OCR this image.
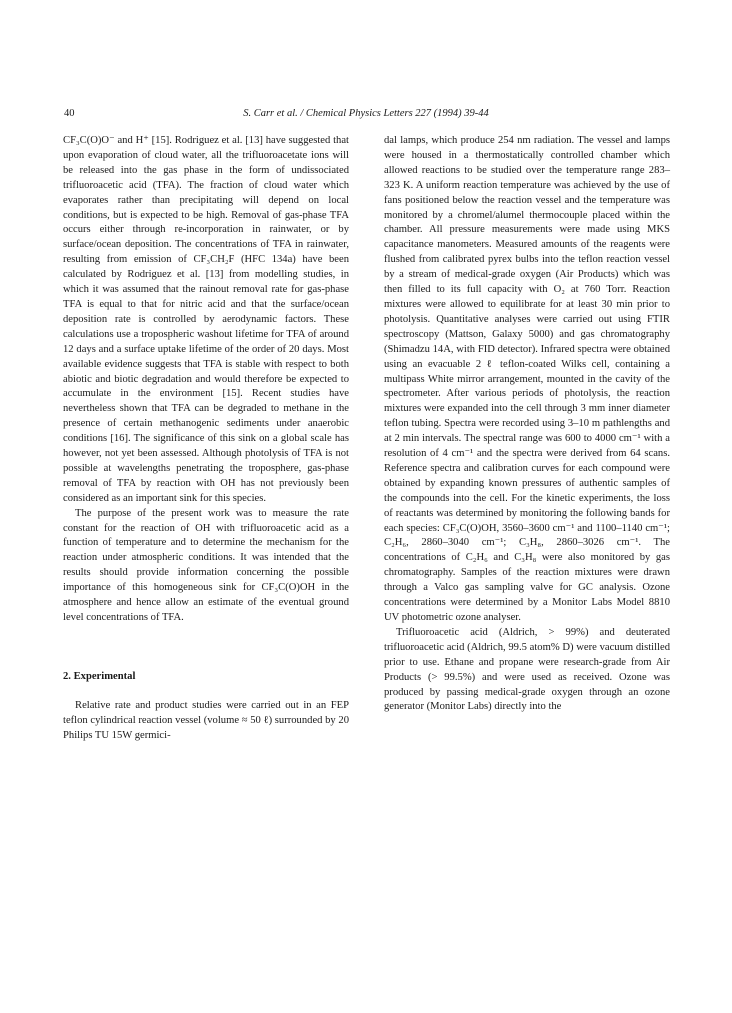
40	S. Carr et al. / Chemical Physics Letters 227 (1994) 39-44

CF₃C(O)O⁻ and H⁺ [15]. Rodriguez et al. [13] have suggested that upon evaporation of cloud water, all the trifluoroacetate ions will be released into the gas phase in the form of undissociated trifluoroacetic acid (TFA). The fraction of cloud water which evaporates rather than precipitating will depend on local conditions, but is expected to be high. Removal of gas-phase TFA occurs either through re-incorporation in rainwater, or by surface/ocean deposition. The concentrations of TFA in rainwater, resulting from emission of CF₃CH₂F (HFC 134a) have been calculated by Rodriguez et al. [13] from modelling studies, in which it was assumed that the rainout removal rate for gas-phase TFA is equal to that for nitric acid and that the surface/ocean deposition rate is controlled by aerodynamic factors. These calculations use a tropospheric washout lifetime for TFA of around 12 days and a surface uptake lifetime of the order of 20 days. Most available evidence suggests that TFA is stable with respect to both abiotic and biotic degradation and would therefore be expected to accumulate in the environment [15]. Recent studies have nevertheless shown that TFA can be degraded to methane in the presence of certain methanogenic sediments under anaerobic conditions [16]. The significance of this sink on a global scale has however, not yet been assessed. Although photolysis of TFA is not possible at wavelengths penetrating the troposphere, gas-phase removal of TFA by reaction with OH has not previously been considered as an important sink for this species.

The purpose of the present work was to measure the rate constant for the reaction of OH with trifluoroacetic acid as a function of temperature and to determine the mechanism for the reaction under atmospheric conditions. It was intended that the results should provide information concerning the possible importance of this homogeneous sink for CF₃C(O)OH in the atmosphere and hence allow an estimate of the eventual ground level concentrations of TFA.

2. Experimental

Relative rate and product studies were carried out in an FEP teflon cylindrical reaction vessel (volume ≈ 50 ℓ) surrounded by 20 Philips TU 15W germici-

dal lamps, which produce 254 nm radiation. The vessel and lamps were housed in a thermostatically controlled chamber which allowed reactions to be studied over the temperature range 283–323 K. A uniform reaction temperature was achieved by the use of fans positioned below the reaction vessel and the temperature was monitored by a chromel/alumel thermocouple placed within the chamber. All pressure measurements were made using MKS capacitance manometers. Measured amounts of the reagents were flushed from calibrated pyrex bulbs into the teflon reaction vessel by a stream of medical-grade oxygen (Air Products) which was then filled to its full capacity with O₂ at 760 Torr. Reaction mixtures were allowed to equilibrate for at least 30 min prior to photolysis. Quantitative analyses were carried out using FTIR spectroscopy (Mattson, Galaxy 5000) and gas chromatography (Shimadzu 14A, with FID detector). Infrared spectra were obtained using an evacuable 2 ℓ teflon-coated Wilks cell, containing a multipass White mirror arrangement, mounted in the cavity of the spectrometer. After various periods of photolysis, the reaction mixtures were expanded into the cell through 3 mm inner diameter teflon tubing. Spectra were recorded using 3–10 m pathlengths and at 2 min intervals. The spectral range was 600 to 4000 cm⁻¹ with a resolution of 4 cm⁻¹ and the spectra were derived from 64 scans. Reference spectra and calibration curves for each compound were obtained by expanding known pressures of authentic samples of the compounds into the cell. For the kinetic experiments, the loss of reactants was determined by monitoring the following bands for each species: CF₃C(O)OH, 3560–3600 cm⁻¹ and 1100–1140 cm⁻¹; C₂H₆, 2860–3040 cm⁻¹; C₃H₈, 2860–3026 cm⁻¹. The concentrations of C₂H₆ and C₃H₈ were also monitored by gas chromatography. Samples of the reaction mixtures were drawn through a Valco gas sampling valve for GC analysis. Ozone concentrations were determined by a Monitor Labs Model 8810 UV photometric ozone analyser.

Trifluoroacetic acid (Aldrich, > 99%) and deuterated trifluoroacetic acid (Aldrich, 99.5 atom% D) were vacuum distilled prior to use. Ethane and propane were research-grade from Air Products (> 99.5%) and were used as received. Ozone was produced by passing medical-grade oxygen through an ozone generator (Monitor Labs) directly into the
